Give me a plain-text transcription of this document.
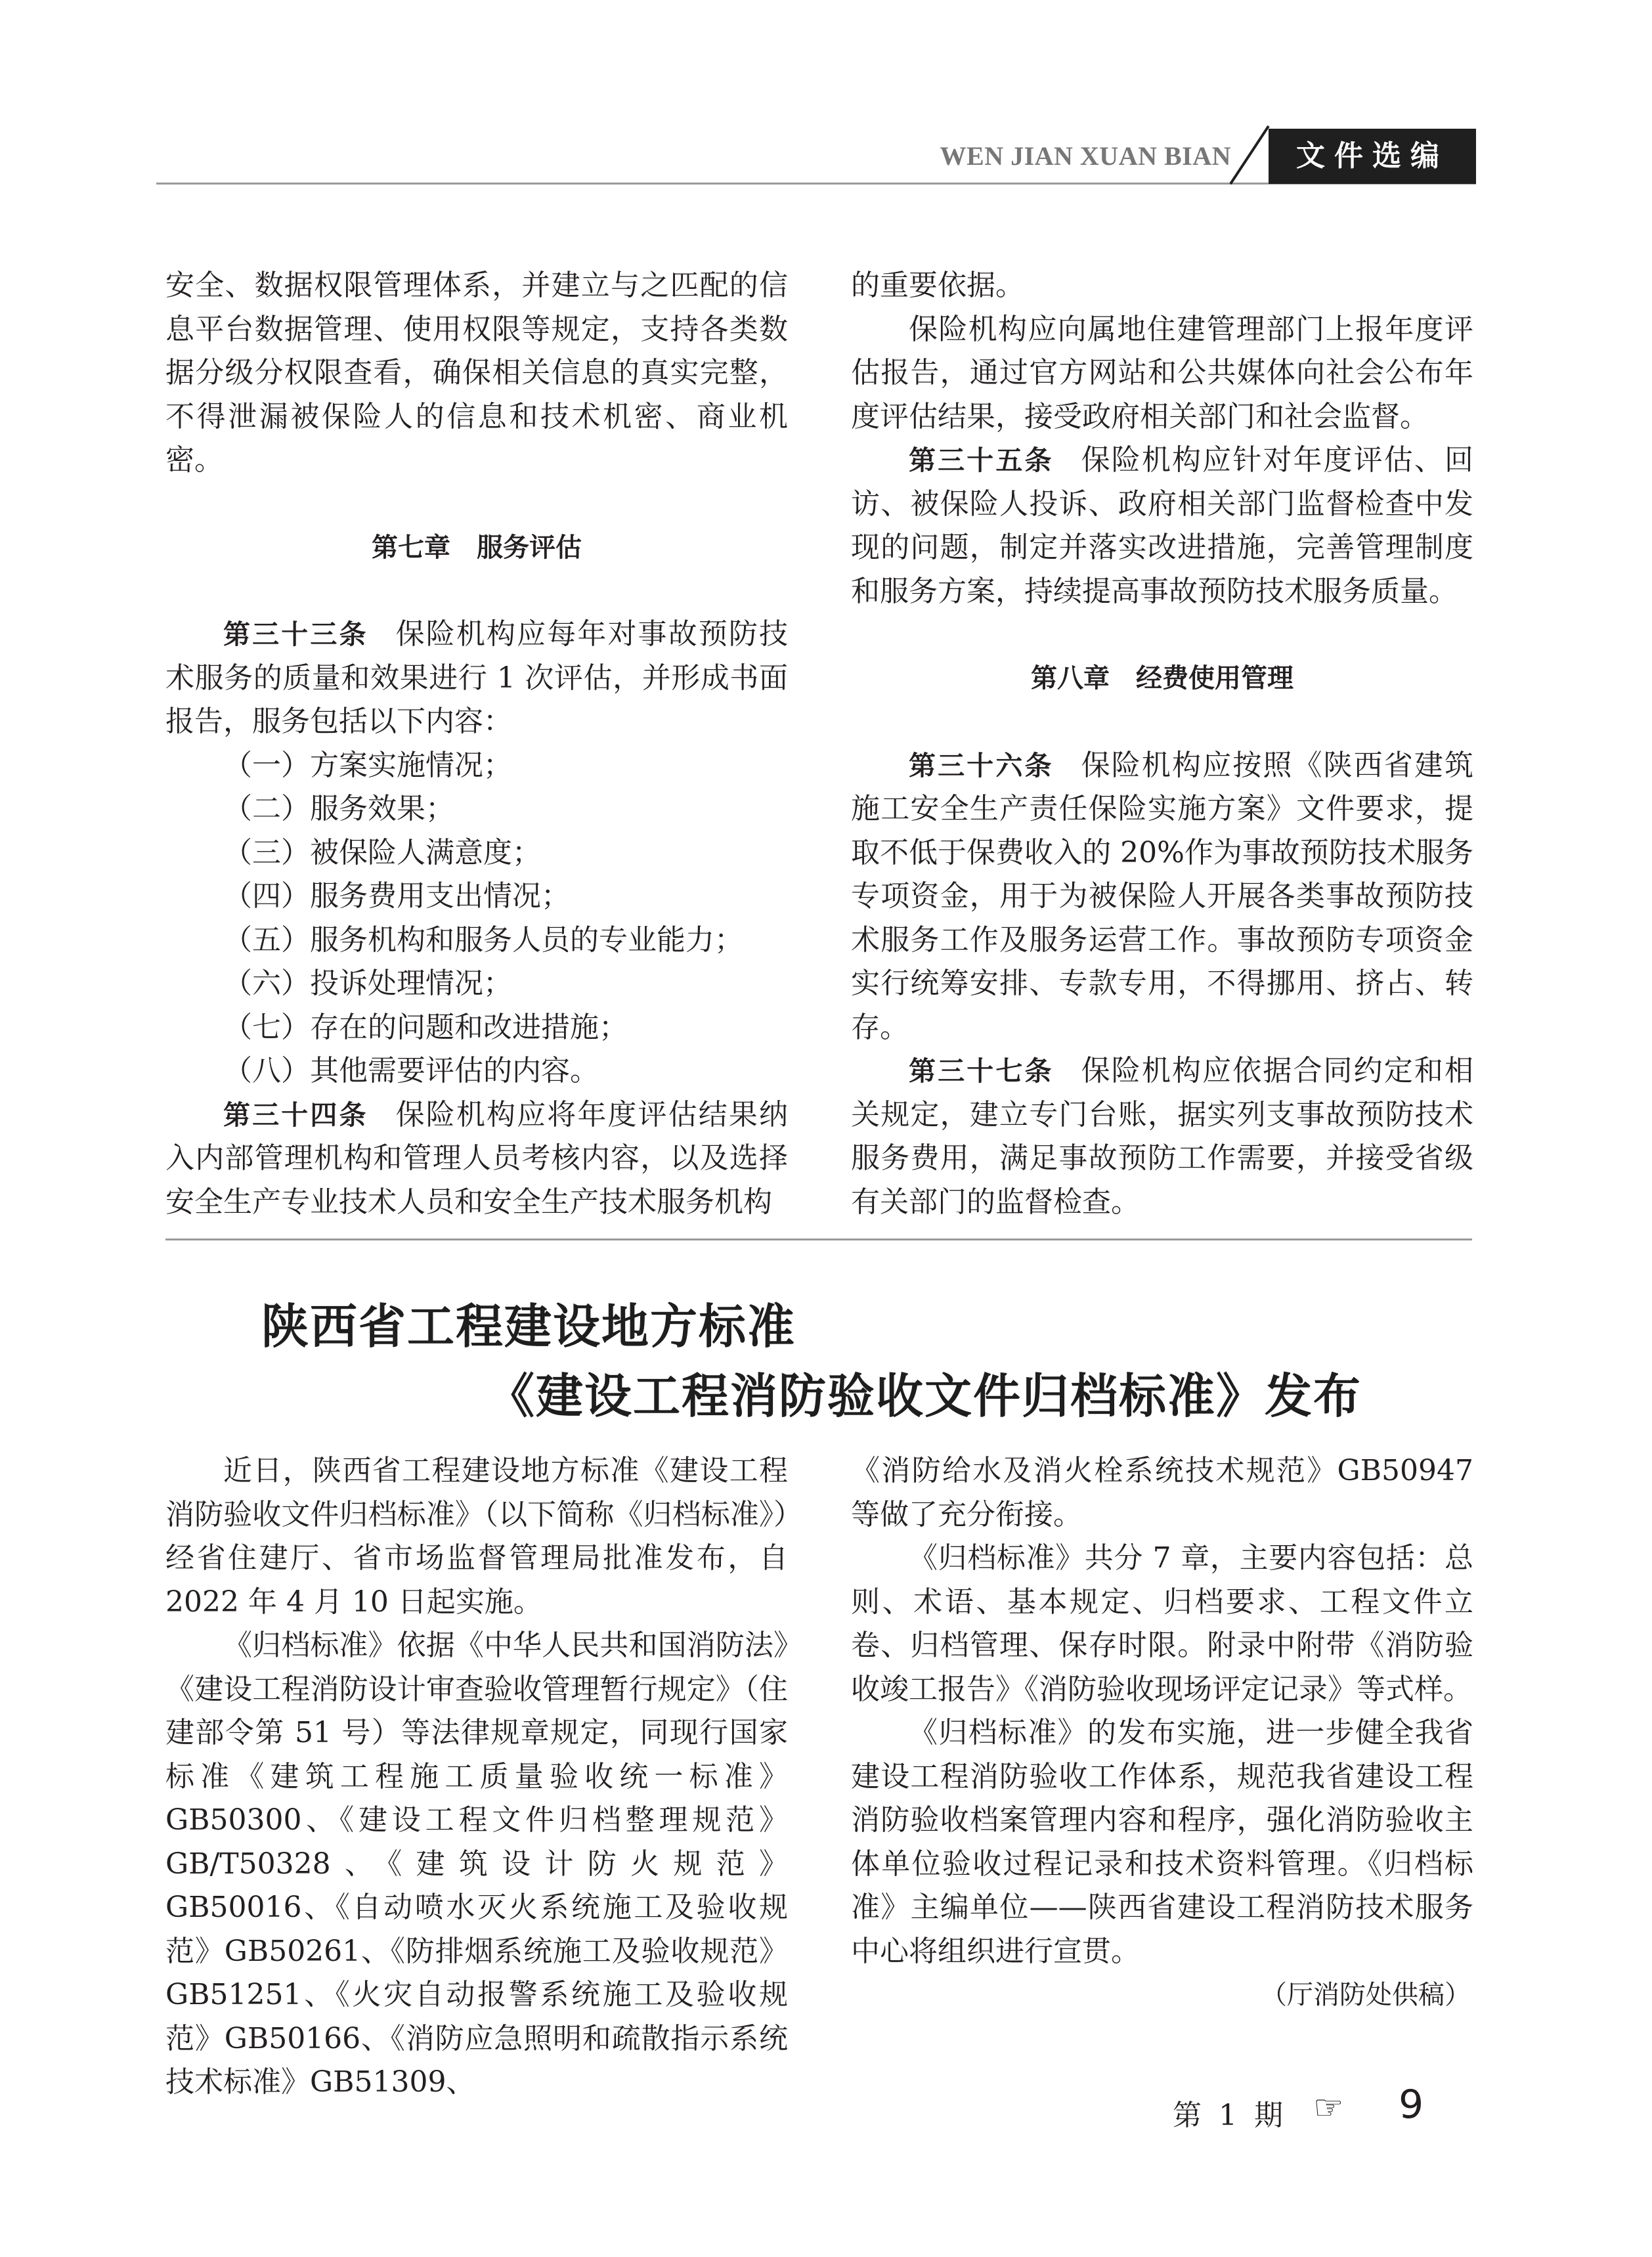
WEN JIAN XUAN BIAN	文件选编

安全、数据权限管理体系，并建立与之匹配的信息平台数据管理、使用权限等规定，支持各类数据分级分权限查看，确保相关信息的真实完整，不得泄漏被保险人的信息和技术机密、商业机密。

第七章　服务评估

第三十三条 保险机构应每年对事故预防技术服务的质量和效果进行 1 次评估，并形成书面报告，服务包括以下内容：

（一）方案实施情况；

（二）服务效果；

（三）被保险人满意度；

（四）服务费用支出情况；

（五）服务机构和服务人员的专业能力；

（六）投诉处理情况；

（七）存在的问题和改进措施；

（八）其他需要评估的内容。

第三十四条 保险机构应将年度评估结果纳入内部管理机构和管理人员考核内容，以及选择安全生产专业技术人员和安全生产技术服务机构

的重要依据。

保险机构应向属地住建管理部门上报年度评估报告，通过官方网站和公共媒体向社会公布年度评估结果，接受政府相关部门和社会监督。

第三十五条 保险机构应针对年度评估、回访、被保险人投诉、政府相关部门监督检查中发现的问题，制定并落实改进措施，完善管理制度和服务方案，持续提高事故预防技术服务质量。

第八章　经费使用管理

第三十六条 保险机构应按照《陕西省建筑施工安全生产责任保险实施方案》文件要求，提取不低于保费收入的 20%作为事故预防技术服务专项资金，用于为被保险人开展各类事故预防技术服务工作及服务运营工作。事故预防专项资金实行统筹安排、专款专用，不得挪用、挤占、转存。

第三十七条 保险机构应依据合同约定和相关规定，建立专门台账，据实列支事故预防技术服务费用，满足事故预防工作需要，并接受省级有关部门的监督检查。

陕西省工程建设地方标准
《建设工程消防验收文件归档标准》发布

近日，陕西省工程建设地方标准《建设工程消防验收文件归档标准》（以下简称《归档标准》）经省住建厅、省市场监督管理局批准发布，自 2022 年 4 月 10 日起实施。

《归档标准》依据《中华人民共和国消防法》《建设工程消防设计审查验收管理暂行规定》（住建部令第 51 号）等法律规章规定，同现行国家标准《建筑工程施工质量验收统一标准》GB50300、《建设工程文件归档整理规范》GB/T50328、《建筑设计防火规范》GB50016、《自动喷水灭火系统施工及验收规范》GB50261、《防排烟系统施工及验收规范》GB51251、《火灾自动报警系统施工及验收规范》GB50166、《消防应急照明和疏散指示系统技术标准》GB51309、

《消防给水及消火栓系统技术规范》GB50947 等做了充分衔接。

《归档标准》共分 7 章，主要内容包括：总则、术语、基本规定、归档要求、工程文件立卷、归档管理、保存时限。附录中附带《消防验收竣工报告》《消防验收现场评定记录》等式样。

《归档标准》的发布实施，进一步健全我省建设工程消防验收工作体系，规范我省建设工程消防验收档案管理内容和程序，强化消防验收主体单位验收过程记录和技术资料管理。《归档标准》主编单位——陕西省建设工程消防技术服务中心将组织进行宣贯。

（厅消防处供稿）

第 1 期 ☞ 9
